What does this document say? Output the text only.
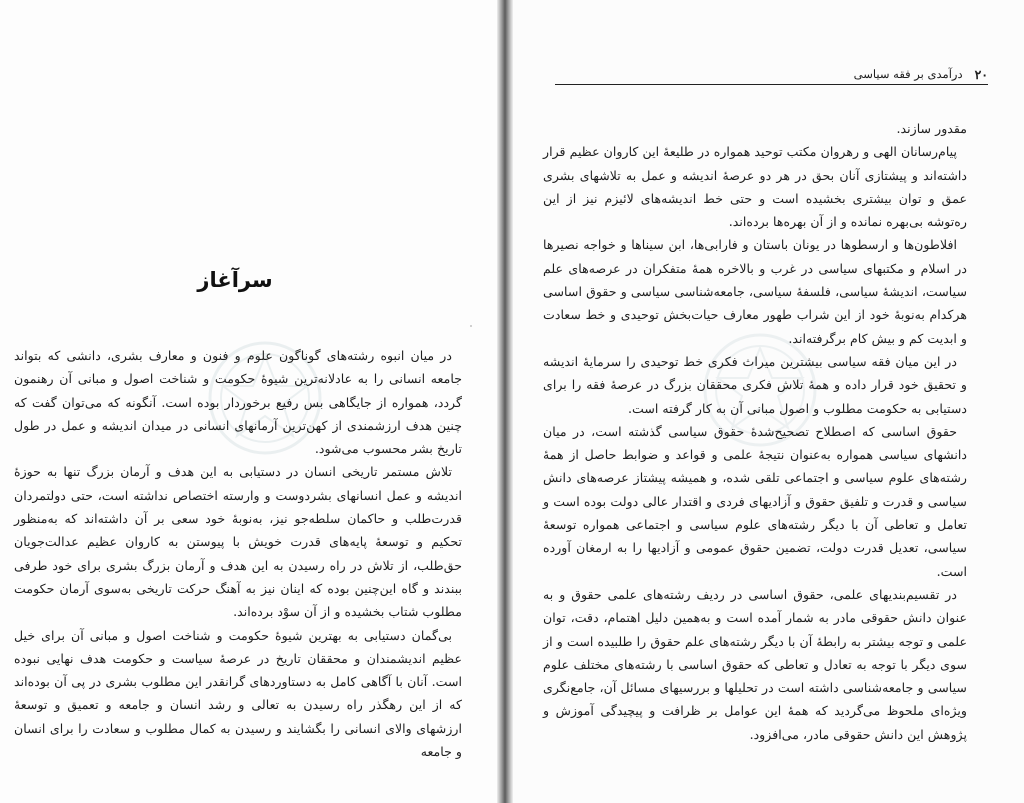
سرآغاز

در میان انبوه رشته‌های گوناگون علوم و فنون و معارف بشری، دانشی که بتواند جامعه انسانی را به عادلانه‌ترین شیوهٔ حکومت و شناخت اصول و مبانی آن رهنمون گردد، همواره از جایگاهی بس رفیع برخوردار بوده است. آنگونه که می‌توان گفت که چنین هدف ارزشمندی از کهن‌ترین آرمانهای انسانی در میدان اندیشه و عمل در طول تاریخ بشر محسوب می‌شود.

تلاش مستمر تاریخی انسان در دستیابی به این هدف و آرمان بزرگ تنها به حوزهٔ اندیشه و عمل انسانهای بشردوست و وارسته اختصاص نداشته است، حتی دولتمردان قدرت‌طلب و حاکمان سلطه‌جو نیز، به‌نوبهٔ خود سعی بر آن داشته‌اند که به‌منظور تحکیم و توسعهٔ پایه‌های قدرت خویش با پیوستن به کاروان عظیم عدالت‌جویان حق‌طلب، از تلاش در راه رسیدن به این هدف و آرمان بزرگ بشری برای خود طرفی ببندند و گاه این‌چنین بوده که اینان نیز به آهنگ حرکت تاریخی به‌سوی آرمان حکومت مطلوب شتاب بخشیده و از آن سوْد برده‌اند.

بی‌گمان دستیابی به بهترین شیوهٔ حکومت و شناخت اصول و مبانی آن برای خیل عظیم اندیشمندان و محققان تاریخ در عرصهٔ سیاست و حکومت هدف نهایی نبوده است. آنان با آگاهی کامل به دستاوردهای گرانقدر این مطلوب بشری در پی آن بوده‌اند که از این رهگذر راه رسیدن به تعالی و رشد انسان و جامعه و تعمیق و توسعهٔ ارزشهای والای انسانی را بگشایند و رسیدن به کمال مطلوب و سعادت را برای انسان و جامعه

۲۰
درآمدی بر فقه سیاسی

مقدور سازند.

پیام‌رسانان الهی و رهروان مکتب توحید همواره در طلیعهٔ این کاروان عظیم قرار داشته‌اند و پیشتازی آنان بحق در هر دو عرصهٔ اندیشه و عمل به تلاشهای بشری عمق و توان بیشتری بخشیده است و حتی خط اندیشه‌های لائیزم نیز از این ره‌توشه بی‌بهره نمانده و از آن بهره‌ها برده‌اند.

افلاطون‌ها و ارسطوها در یونان باستان و فارابی‌ها، ابن سیناها و خواجه نصیرها در اسلام و مکتبهای سیاسی در غرب و بالاخره همهٔ متفکران در عرصه‌های علم سیاست، اندیشهٔ سیاسی، فلسفهٔ سیاسی، جامعه‌شناسی سیاسی و حقوق اساسی هرکدام به‌نوبهٔ خود از این شراب طهور معارف حیات‌بخش توحیدی و خط سعادت و ابدیت کم و بیش کام برگرفته‌اند.

در این میان فقه سیاسی بیشترین میراث فکری خط توحیدی را سرمایهٔ اندیشه و تحقیق خود قرار داده و همهٔ تلاش فکری محققان بزرگ در عرصهٔ فقه را برای دستیابی به حکومت مطلوب و اصول مبانی آن به کار گرفته است.

حقوق اساسی که اصطلاح تصحیح‌شدهٔ حقوق سیاسی گذشته است، در میان دانشهای سیاسی همواره به‌عنوان نتیجهٔ علمی و قواعد و ضوابط حاصل از همهٔ رشته‌های علوم سیاسی و اجتماعی تلقی شده، و همیشه پیشتاز عرصه‌های دانش سیاسی و قدرت و تلفیق حقوق و آزادیهای فردی و اقتدار عالی دولت بوده است و تعامل و تعاطی آن با دیگر رشته‌های علوم سیاسی و اجتماعی همواره توسعهٔ سیاسی، تعدیل قدرت دولت، تضمین حقوق عمومی و آزادیها را به ارمغان آورده است.

در تقسیم‌بندیهای علمی، حقوق اساسی در ردیف رشته‌های علمی حقوق و به عنوان دانش حقوقی مادر به شمار آمده است و به‌همین دلیل اهتمام، دقت، توان علمی و توجه بیشتر به رابطهٔ آن با دیگر رشته‌های علم حقوق را طلبیده است و از سوی دیگر با توجه به تعادل و تعاطی که حقوق اساسی با رشته‌های مختلف علوم سیاسی و جامعه‌شناسی داشته است در تحلیلها و بررسیهای مسائل آن، جامع‌نگری ویژه‌ای ملحوظ می‌گردید که همهٔ این عوامل بر ظرافت و پیچیدگی آموزش و پژوهش این دانش حقوقی مادر، می‌افزود.
